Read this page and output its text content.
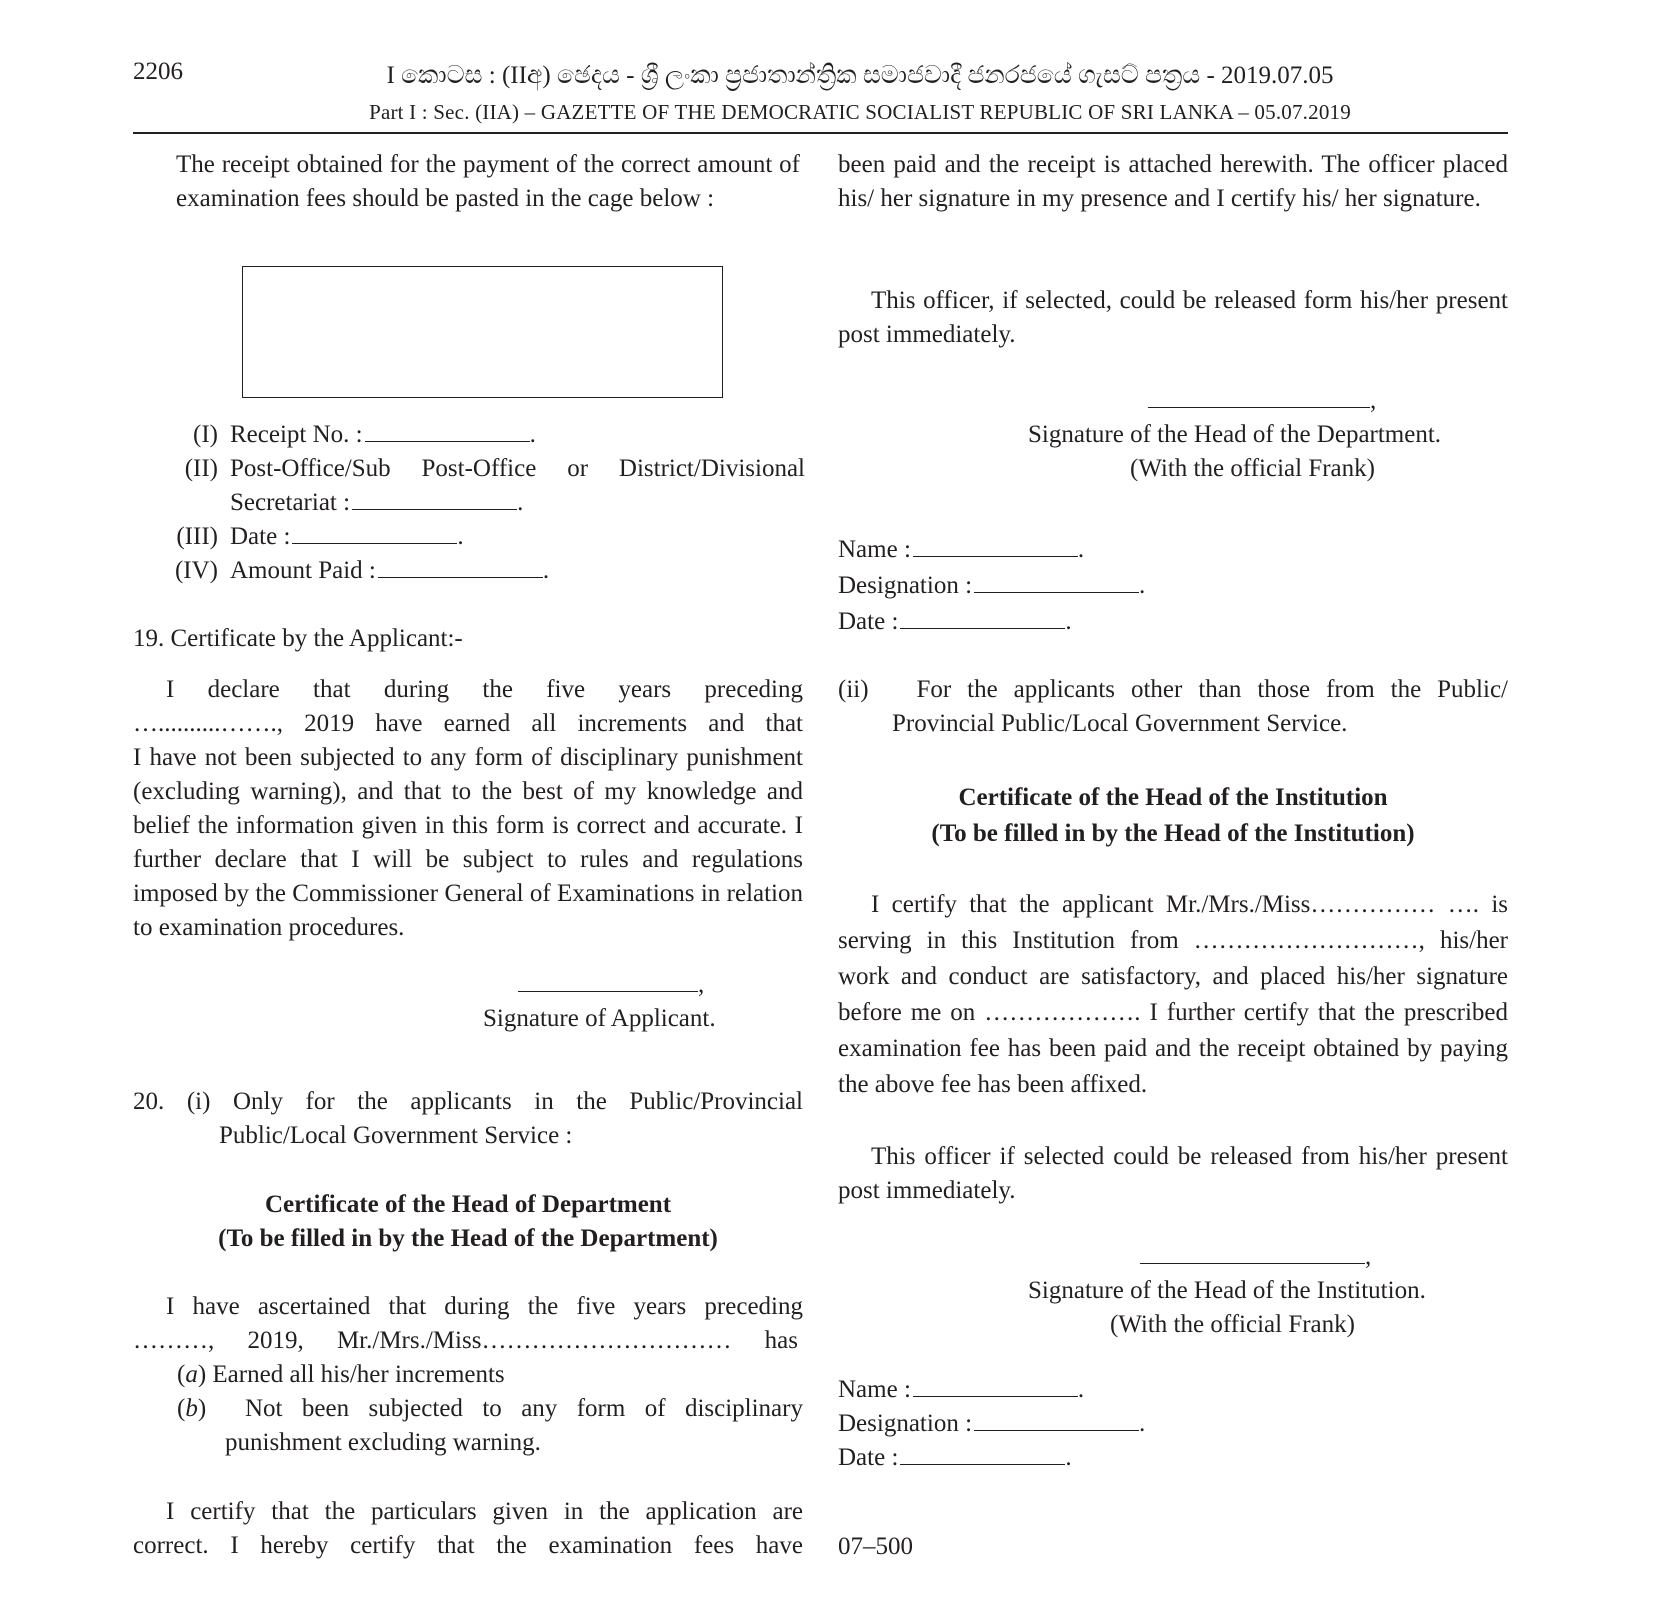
2206	I කොටස : (IIඅ) ඡෙදය - ශ්‍රී ලංකා ප්‍රජාතාන්ත්‍රික සමාජවාදී ජනරජයේ ගැසට් පත්‍රය - 2019.07.05
Part I : Sec. (IIA) – GAZETTE OF THE DEMOCRATIC SOCIALIST REPUBLIC OF SRI LANKA – 05.07.2019

The receipt obtained for the payment of the correct amount of examination fees should be pasted in the cage below :

(I) Receipt No. :	.
(II) Post-Office/Sub Post-Office or District/Divisional
Secretariat :	.
(III) Date :	.
(IV) Amount Paid :	.

19. Certificate by the Applicant:-

I declare that during the five years preceding

…..........……., 2019 have earned all increments and that

I have not been subjected to any form of disciplinary punishment (excluding warning), and that to the best of my knowledge and belief the information given in this form is correct and accurate. I further declare that I will be subject to rules and regulations imposed by the Commissioner General of Examinations in relation to examination procedures.

,

Signature of Applicant.

20. (i) Only for the applicants in the Public/Provincial

Public/Local Government Service :

Certificate of the Head of Department

(To be filled in by the Head of the Department)

I have ascertained that during the five years preceding

………, 2019, Mr./Mrs./Miss………………………… has

(a) Earned all his/her increments

(b)  Not been subjected to any form of disciplinary

punishment excluding warning.

I certify that the particulars given in the application are

correct. I hereby certify that the examination fees have

been paid and the receipt is attached herewith. The officer placed his/ her signature in my presence and I certify his/ her signature.

This officer, if selected, could be released form his/her present post immediately.

,

Signature of the Head of the Department.

(With the official Frank)

Name :	.

Designation :	.

Date :	.

(ii) For the applicants other than those from the Public/

Provincial Public/Local Government Service.

Certificate of the Head of the Institution

(To be filled in by the Head of the Institution)

I certify that the applicant Mr./Mrs./Miss…………… …. is serving in this Institution from ………………………, his/her work and conduct are satisfactory, and placed his/her signature before me on ………………. I further certify that the prescribed examination fee has been paid and the receipt obtained by paying the above fee has been affixed.

This officer if selected could be released from his/her present post immediately.

,

Signature of the Head of the Institution.

(With the official Frank)

Name :	.

Designation :	.

Date :	.

07–500
